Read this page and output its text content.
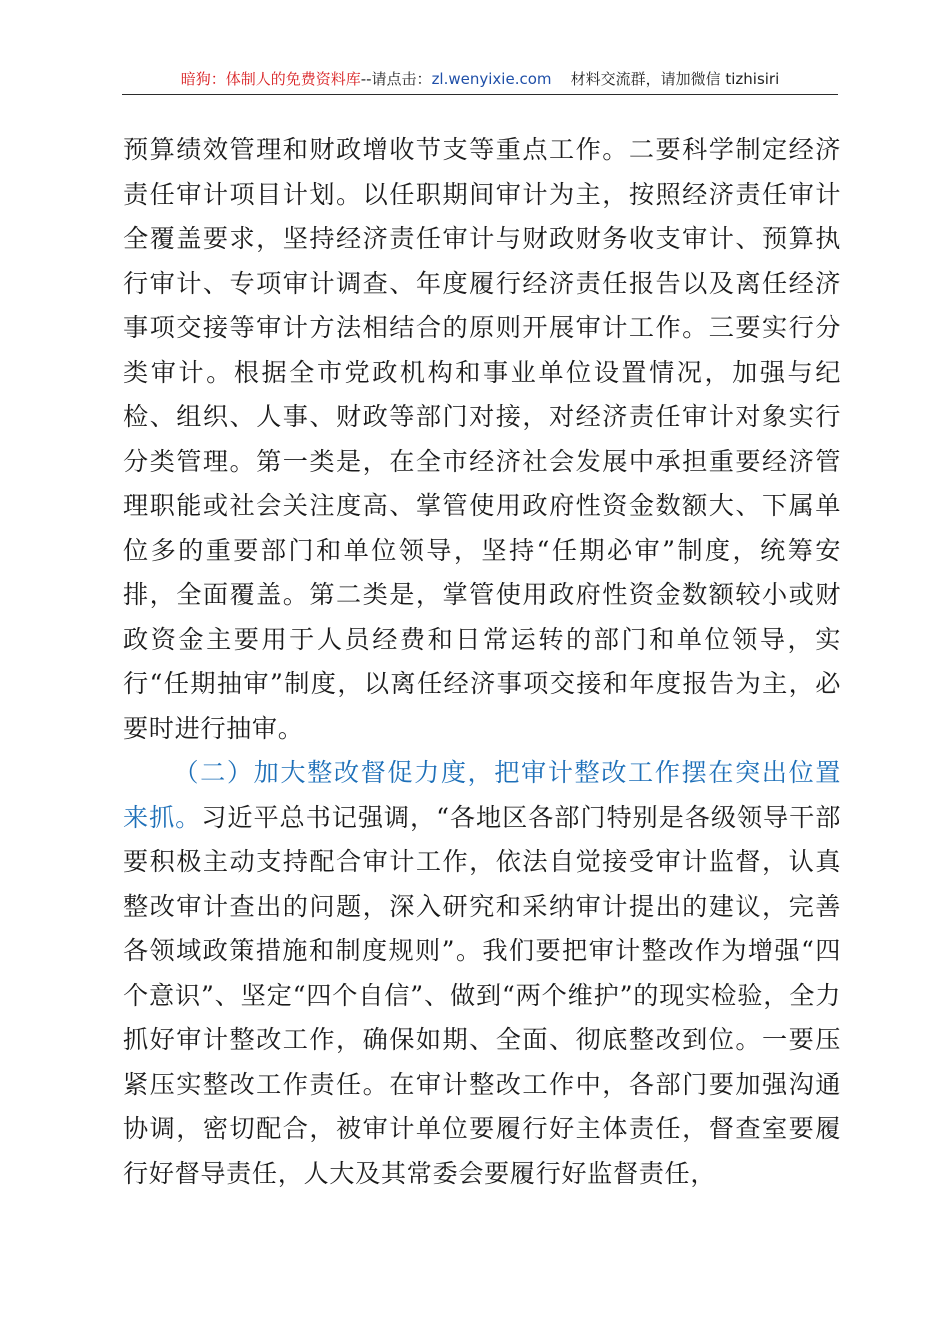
暗狗：体制人的免费资料库--请点击：zl.wenyixie.com 材料交流群，请加微信 tizhisiri

预算绩效管理和财政增收节支等重点工作。二要科学制定经济责任审计项目计划。以任职期间审计为主，按照经济责任审计全覆盖要求，坚持经济责任审计与财政财务收支审计、预算执行审计、专项审计调查、年度履行经济责任报告以及离任经济事项交接等审计方法相结合的原则开展审计工作。三要实行分类审计。根据全市党政机构和事业单位设置情况，加强与纪检、组织、人事、财政等部门对接，对经济责任审计对象实行分类管理。第一类是，在全市经济社会发展中承担重要经济管理职能或社会关注度高、掌管使用政府性资金数额大、下属单位多的重要部门和单位领导，坚持“任期必审”制度，统筹安排，全面覆盖。第二类是，掌管使用政府性资金数额较小或财政资金主要用于人员经费和日常运转的部门和单位领导，实行“任期抽审”制度，以离任经济事项交接和年度报告为主，必要时进行抽审。

（二）加大整改督促力度，把审计整改工作摆在突出位置来抓。习近平总书记强调，“各地区各部门特别是各级领导干部要积极主动支持配合审计工作，依法自觉接受审计监督，认真整改审计查出的问题，深入研究和采纳审计提出的建议，完善各领域政策措施和制度规则”。我们要把审计整改作为增强“四个意识”、坚定“四个自信”、做到“两个维护”的现实检验，全力抓好审计整改工作，确保如期、全面、彻底整改到位。一要压紧压实整改工作责任。在审计整改工作中，各部门要加强沟通协调，密切配合，被审计单位要履行好主体责任，督查室要履行好督导责任，人大及其常委会要履行好监督责任，
